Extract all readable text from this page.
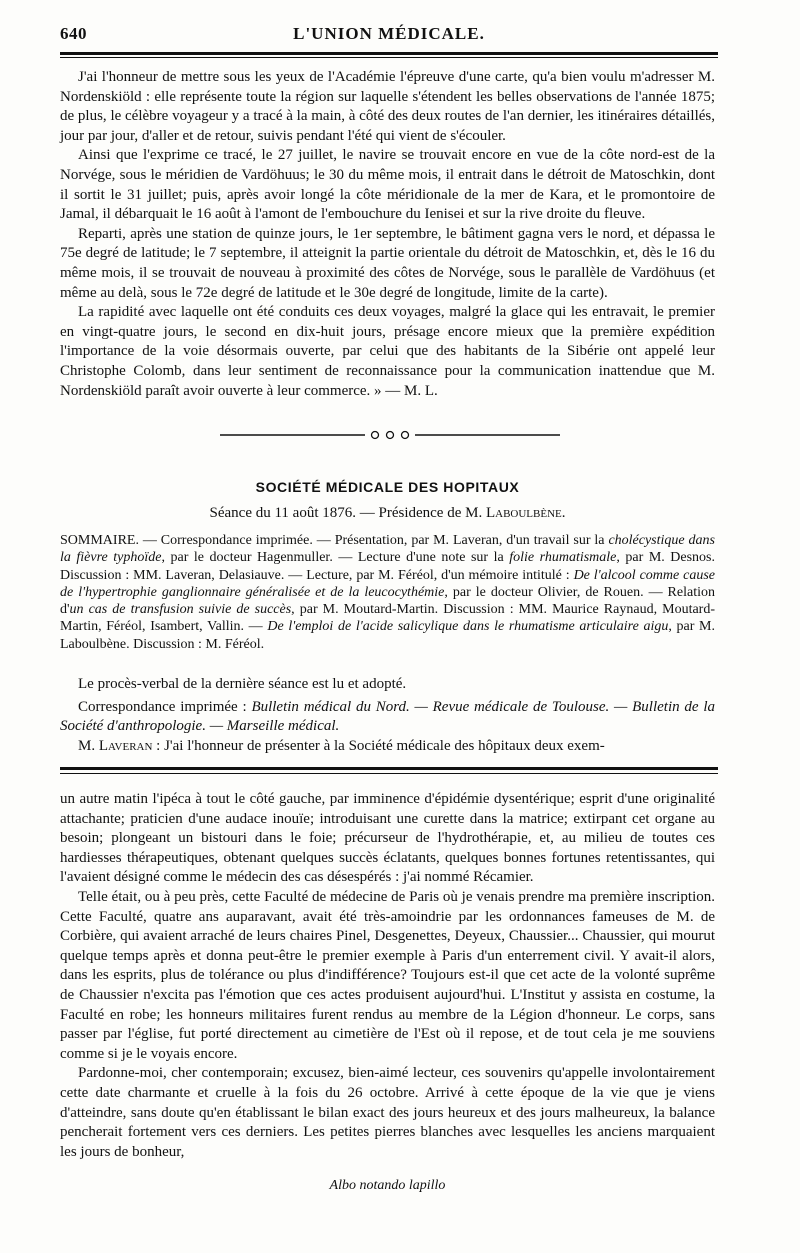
640	L'UNION MÉDICALE.

J'ai l'honneur de mettre sous les yeux de l'Académie l'épreuve d'une carte, qu'a bien voulu m'adresser M. Nordenskiöld : elle représente toute la région sur laquelle s'étendent les belles observations de l'année 1875; de plus, le célèbre voyageur y a tracé à la main, à côté des deux routes de l'an dernier, les itinéraires détaillés, jour par jour, d'aller et de retour, suivis pendant l'été qui vient de s'écouler.

Ainsi que l'exprime ce tracé, le 27 juillet, le navire se trouvait encore en vue de la côte nord-est de la Norvége, sous le méridien de Vardöhuus; le 30 du même mois, il entrait dans le détroit de Matoschkin, dont il sortit le 31 juillet; puis, après avoir longé la côte méridionale de la mer de Kara, et le promontoire de Jamal, il débarquait le 16 août à l'amont de l'embouchure du Ienisei et sur la rive droite du fleuve.

Reparti, après une station de quinze jours, le 1er septembre, le bâtiment gagna vers le nord, et dépassa le 75e degré de latitude; le 7 septembre, il atteignit la partie orientale du détroit de Matoschkin, et, dès le 16 du même mois, il se trouvait de nouveau à proximité des côtes de Norvége, sous le parallèle de Vardöhuus (et même au delà, sous le 72e degré de latitude et le 30e degré de longitude, limite de la carte).

La rapidité avec laquelle ont été conduits ces deux voyages, malgré la glace qui les entravait, le premier en vingt-quatre jours, le second en dix-huit jours, présage encore mieux que la première expédition l'importance de la voie désormais ouverte, par celui que des habitants de la Sibérie ont appelé leur Christophe Colomb, dans leur sentiment de reconnaissance pour la communication inattendue que M. Nordenskiöld paraît avoir ouverte à leur commerce. » — M. L.

SOCIÉTÉ MÉDICALE DES HOPITAUX
Séance du 11 août 1876. — Présidence de M. Laboulbène.
SOMMAIRE. — Correspondance imprimée. — Présentation, par M. Laveran, d'un travail sur la cholécystique dans la fièvre typhoïde, par le docteur Hagenmuller. — Lecture d'une note sur la folie rhumatismale, par M. Desnos. Discussion : MM. Laveran, Delasiauve. — Lecture, par M. Féréol, d'un mémoire intitulé : De l'alcool comme cause de l'hypertrophie ganglionnaire généralisée et de la leucocythémie, par le docteur Olivier, de Rouen. — Relation d'un cas de transfusion suivie de succès, par M. Moutard-Martin. Discussion : MM. Maurice Raynaud, Moutard-Martin, Féréol, Isambert, Vallin. — De l'emploi de l'acide salicylique dans le rhumatisme articulaire aigu, par M. Laboulbène. Discussion : M. Féréol.

Le procès-verbal de la dernière séance est lu et adopté.

Correspondance imprimée : Bulletin médical du Nord. — Revue médicale de Toulouse. — Bulletin de la Société d'anthropologie. — Marseille médical.

M. Laveran : J'ai l'honneur de présenter à la Société médicale des hôpitaux deux exem-

un autre matin l'ipéca à tout le côté gauche, par imminence d'épidémie dysentérique; esprit d'une originalité attachante; praticien d'une audace inouïe; introduisant une curette dans la matrice; extirpant cet organe au besoin; plongeant un bistouri dans le foie; précurseur de l'hydrothérapie, et, au milieu de toutes ces hardiesses thérapeutiques, obtenant quelques succès éclatants, quelques bonnes fortunes retentissantes, qui l'avaient désigné comme le médecin des cas désespérés : j'ai nommé Récamier.

Telle était, ou à peu près, cette Faculté de médecine de Paris où je venais prendre ma première inscription. Cette Faculté, quatre ans auparavant, avait été très-amoindrie par les ordonnances fameuses de M. de Corbière, qui avaient arraché de leurs chaires Pinel, Desgenettes, Deyeux, Chaussier... Chaussier, qui mourut quelque temps après et donna peut-être le premier exemple à Paris d'un enterrement civil. Y avait-il alors, dans les esprits, plus de tolérance ou plus d'indifférence? Toujours est-il que cet acte de la volonté suprême de Chaussier n'excita pas l'émotion que ces actes produisent aujourd'hui. L'Institut y assista en costume, la Faculté en robe; les honneurs militaires furent rendus au membre de la Légion d'honneur. Le corps, sans passer par l'église, fut porté directement au cimetière de l'Est où il repose, et de tout cela je me souviens comme si je le voyais encore.

Pardonne-moi, cher contemporain; excusez, bien-aimé lecteur, ces souvenirs qu'appelle involontairement cette date charmante et cruelle à la fois du 26 octobre. Arrivé à cette époque de la vie que je viens d'atteindre, sans doute qu'en établissant le bilan exact des jours heureux et des jours malheureux, la balance pencherait fortement vers ces derniers. Les petites pierres blanches avec lesquelles les anciens marquaient les jours de bonheur,

Albo notando lapillo
